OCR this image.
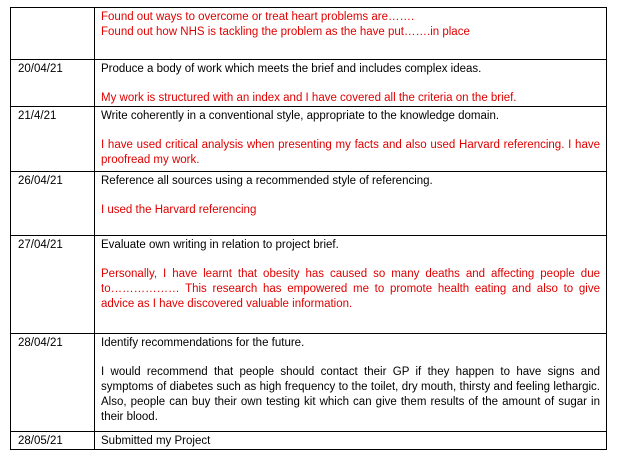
	Found out ways to overcome or treat heart problems are…….
Found out how NHS is tackling the problem as the have put…….in place

20/04/21	Produce a body of work which meets the brief and includes complex ideas.
My work is structured with an index and I have covered all the criteria on the brief.

21/4/21	Write coherently in a conventional style, appropriate to the knowledge domain.
I have used critical analysis when presenting my facts and also used Harvard referencing. I have proofread my work.

26/04/21	Reference all sources using a recommended style of referencing.
I used the Harvard referencing

27/04/21	Evaluate own writing in relation to project brief.
Personally, I have learnt that obesity has caused so many deaths and affecting people due to……………… This research has empowered me to promote health eating and also to give advice as I have discovered valuable information.

28/04/21	Identify recommendations for the future.
I would recommend that people should contact their GP if they happen to have signs and symptoms of diabetes such as high frequency to the toilet, dry mouth, thirsty and feeling lethargic. Also, people can buy their own testing kit which can give them results of the amount of sugar in their blood.

28/05/21	Submitted my Project
